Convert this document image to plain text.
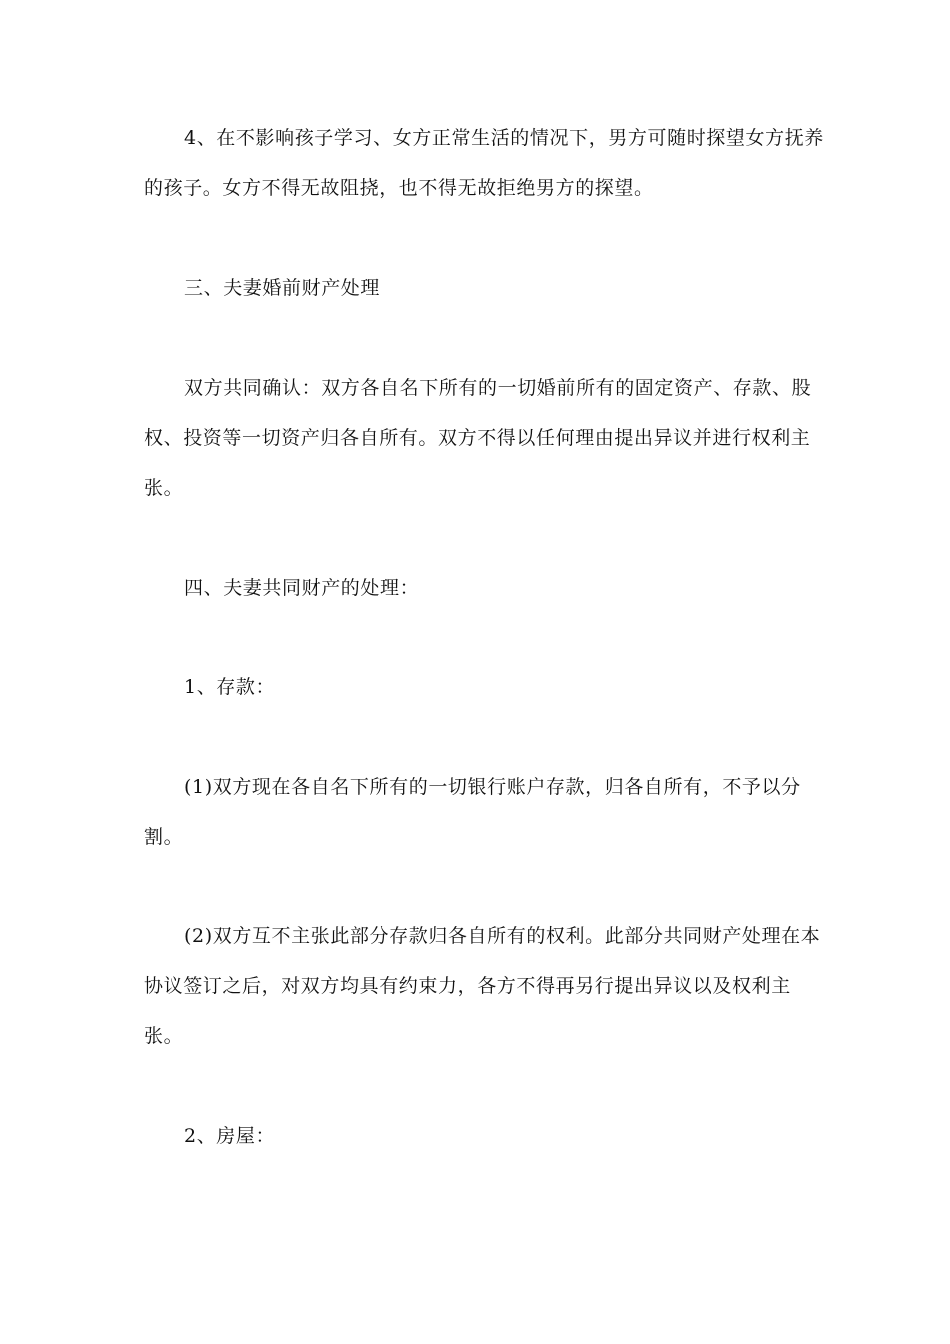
4、在不影响孩子学习、女方正常生活的情况下，男方可随时探望女方抚养的孩子。女方不得无故阻挠，也不得无故拒绝男方的探望。

三、夫妻婚前财产处理

双方共同确认：双方各自名下所有的一切婚前所有的固定资产、存款、股权、投资等一切资产归各自所有。双方不得以任何理由提出异议并进行权利主张。

四、夫妻共同财产的处理：

1、存款：

(1)双方现在各自名下所有的一切银行账户存款，归各自所有，不予以分割。

(2)双方互不主张此部分存款归各自所有的权利。此部分共同财产处理在本协议签订之后，对双方均具有约束力，各方不得再另行提出异议以及权利主张。

2、房屋：
